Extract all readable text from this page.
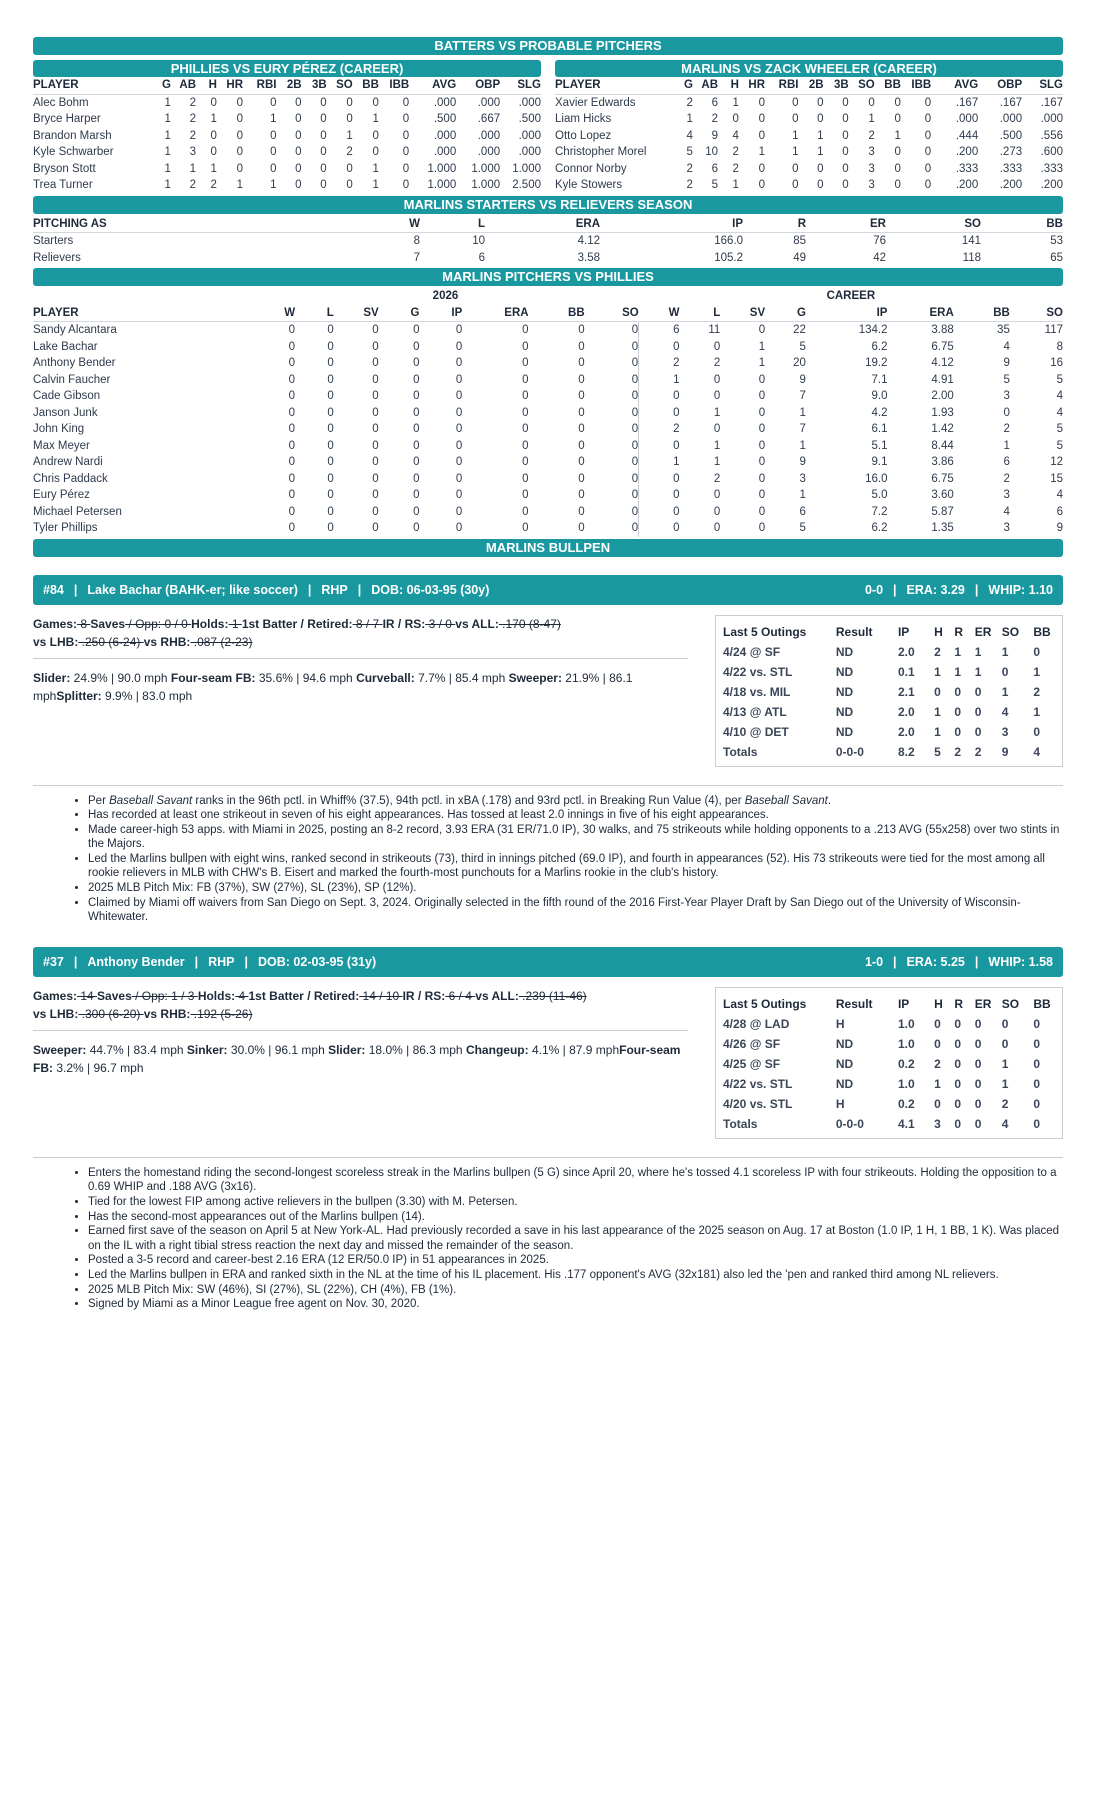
BATTERS VS PROBABLE PITCHERS
PHILLIES VS EURY PÉREZ (CAREER)
PLAYER	G	AB	H	HR	RBI	2B	3B	SO	BB	IBB	AVG	OBP	SLG
Alec Bohm	1	2	0	0	0	0	0	0	0	0	.000	.000	.000
Bryce Harper	1	2	1	0	1	0	0	0	1	0	.500	.667	.500
Brandon Marsh	1	2	0	0	0	0	0	1	0	0	.000	.000	.000
Kyle Schwarber	1	3	0	0	0	0	0	2	0	0	.000	.000	.000
Bryson Stott	1	1	1	0	0	0	0	0	1	0	1.000	1.000	1.000
Trea Turner	1	2	2	1	1	0	0	0	1	0	1.000	1.000	2.500
MARLINS VS ZACK WHEELER (CAREER)
PLAYER	G	AB	H	HR	RBI	2B	3B	SO	BB	IBB	AVG	OBP	SLG
Xavier Edwards	2	6	1	0	0	0	0	0	0	0	.167	.167	.167
Liam Hicks	1	2	0	0	0	0	0	1	0	0	.000	.000	.000
Otto Lopez	4	9	4	0	1	1	0	2	1	0	.444	.500	.556
Christopher Morel	5	10	2	1	1	1	0	3	0	0	.200	.273	.600
Connor Norby	2	6	2	0	0	0	0	3	0	0	.333	.333	.333
Kyle Stowers	2	5	1	0	0	0	0	3	0	0	.200	.200	.200
MARLINS STARTERS VS RELIEVERS SEASON
PITCHING AS	W	L	ERA	IP	R	ER	SO	BB
Starters	8	10	4.12	166.0	85	76	141	53
Relievers	7	6	3.58	105.2	49	42	118	65
MARLINS PITCHERS VS PHILLIES
	2026								CAREER							
PLAYER	W	L	SV	G	IP	ERA	BB	SO	W	L	SV	G	IP	ERA	BB	SO
Sandy Alcantara	0	0	0	0	0	0	0	0	6	11	0	22	134.2	3.88	35	117
Lake Bachar	0	0	0	0	0	0	0	0	0	0	1	5	6.2	6.75	4	8
Anthony Bender	0	0	0	0	0	0	0	0	2	2	1	20	19.2	4.12	9	16
Calvin Faucher	0	0	0	0	0	0	0	0	1	0	0	9	7.1	4.91	5	5
Cade Gibson	0	0	0	0	0	0	0	0	0	0	0	7	9.0	2.00	3	4
Janson Junk	0	0	0	0	0	0	0	0	0	1	0	1	4.2	1.93	0	4
John King	0	0	0	0	0	0	0	0	2	0	0	7	6.1	1.42	2	5
Max Meyer	0	0	0	0	0	0	0	0	0	1	0	1	5.1	8.44	1	5
Andrew Nardi	0	0	0	0	0	0	0	0	1	1	0	9	9.1	3.86	6	12
Chris Paddack	0	0	0	0	0	0	0	0	0	2	0	3	16.0	6.75	2	15
Eury Pérez	0	0	0	0	0	0	0	0	0	0	0	1	5.0	3.60	3	4
Michael Petersen	0	0	0	0	0	0	0	0	0	0	0	6	7.2	5.87	4	6
Tyler Phillips	0	0	0	0	0	0	0	0	0	0	0	5	6.2	1.35	3	9
MARLINS BULLPEN
#84 | Lake Bachar (BAHK-er; like soccer) | RHP | DOB: 06-03-95 (30y)	0-0 | ERA: 3.29 | WHIP: 1.10
Games: 8 Saves / Opp: 0 / 0 Holds: 1 1st Batter / Retired: 8 / 7 IR / RS: 3 / 0 vs ALL: .170 (8-47)
vs LHB: .250 (6-24) vs RHB: .087 (2-23)
Slider: 24.9% | 90.0 mph Four-seam FB: 35.6% | 94.6 mph Curveball: 7.7% | 85.4 mph Sweeper: 21.9% | 86.1 mphSplitter: 9.9% | 83.0 mph
Last 5 Outings	Result	IP	H	R	ER	SO	BB
4/24 @ SF	ND	2.0	2	1	1	1	0
4/22 vs. STL	ND	0.1	1	1	1	0	1
4/18 vs. MIL	ND	2.1	0	0	0	1	2
4/13 @ ATL	ND	2.0	1	0	0	4	1
4/10 @ DET	ND	2.0	1	0	0	3	0
Totals	0-0-0	8.2	5	2	2	9	4
• Per Baseball Savant ranks in the 96th pctl. in Whiff% (37.5), 94th pctl. in xBA (.178) and 93rd pctl. in Breaking Run Value (4), per Baseball Savant.
• Has recorded at least one strikeout in seven of his eight appearances. Has tossed at least 2.0 innings in five of his eight appearances.
• Made career-high 53 apps. with Miami in 2025, posting an 8-2 record, 3.93 ERA (31 ER/71.0 IP), 30 walks, and 75 strikeouts while holding opponents to a .213 AVG (55x258) over two stints in the Majors.
• Led the Marlins bullpen with eight wins, ranked second in strikeouts (73), third in innings pitched (69.0 IP), and fourth in appearances (52). His 73 strikeouts were tied for the most among all rookie relievers in MLB with CHW's B. Eisert and marked the fourth-most punchouts for a Marlins rookie in the club's history.
• 2025 MLB Pitch Mix: FB (37%), SW (27%), SL (23%), SP (12%).
• Claimed by Miami off waivers from San Diego on Sept. 3, 2024. Originally selected in the fifth round of the 2016 First-Year Player Draft by San Diego out of the University of Wisconsin-Whitewater.
#37 | Anthony Bender | RHP | DOB: 02-03-95 (31y)	1-0 | ERA: 5.25 | WHIP: 1.58
Games: 14 Saves / Opp: 1 / 3 Holds: 4 1st Batter / Retired: 14 / 10 IR / RS: 6 / 4 vs ALL: .239 (11-46)
vs LHB: .300 (6-20) vs RHB: .192 (5-26)
Sweeper: 44.7% | 83.4 mph Sinker: 30.0% | 96.1 mph Slider: 18.0% | 86.3 mph Changeup: 4.1% | 87.9 mphFour-seam FB: 3.2% | 96.7 mph
Last 5 Outings	Result	IP	H	R	ER	SO	BB
4/28 @ LAD	H	1.0	0	0	0	0	0
4/26 @ SF	ND	1.0	0	0	0	0	0
4/25 @ SF	ND	0.2	2	0	0	1	0
4/22 vs. STL	ND	1.0	1	0	0	1	0
4/20 vs. STL	H	0.2	0	0	0	2	0
Totals	0-0-0	4.1	3	0	0	4	0
• Enters the homestand riding the second-longest scoreless streak in the Marlins bullpen (5 G) since April 20, where he's tossed 4.1 scoreless IP with four strikeouts. Holding the opposition to a 0.69 WHIP and .188 AVG (3x16).
• Tied for the lowest FIP among active relievers in the bullpen (3.30) with M. Petersen.
• Has the second-most appearances out of the Marlins bullpen (14).
• Earned first save of the season on April 5 at New York-AL. Had previously recorded a save in his last appearance of the 2025 season on Aug. 17 at Boston (1.0 IP, 1 H, 1 BB, 1 K). Was placed on the IL with a right tibial stress reaction the next day and missed the remainder of the season.
• Posted a 3-5 record and career-best 2.16 ERA (12 ER/50.0 IP) in 51 appearances in 2025.
• Led the Marlins bullpen in ERA and ranked sixth in the NL at the time of his IL placement. His .177 opponent's AVG (32x181) also led the 'pen and ranked third among NL relievers.
• 2025 MLB Pitch Mix: SW (46%), SI (27%), SL (22%), CH (4%), FB (1%).
• Signed by Miami as a Minor League free agent on Nov. 30, 2020.
